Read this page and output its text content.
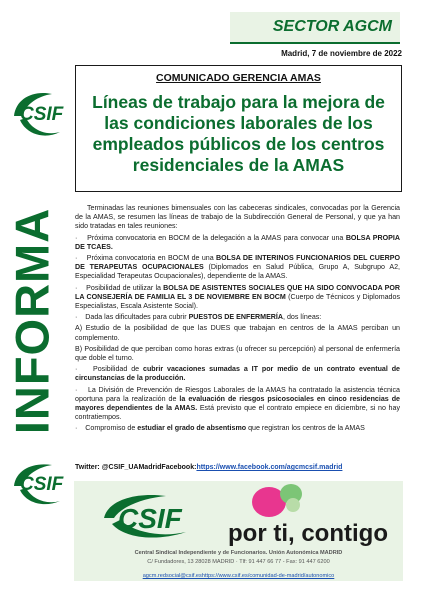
SECTOR AGCM
Madrid, 7 de noviembre de 2022
CSIF
INFORMA
CSIF
COMUNICADO GERENCIA AMAS
Líneas de trabajo para la mejora de las condiciones laborales de los empleados públicos de los centros residenciales de la AMAS

Terminadas las reuniones bimensuales con las cabeceras sindicales, convocadas por la Gerencia de la AMAS, se resumen las líneas de trabajo de la Subdirección General de Personal, y que ya han sido tratadas en tales reuniones:

·    Próxima convocatoria en BOCM de la delegación a la AMAS para convocar una BOLSA PROPIA DE TCAES.

·    Próxima convocatoria en BOCM de una BOLSA DE INTERINOS FUNCIONARIOS DEL CUERPO DE TERAPEUTAS OCUPACIONALES (Diplomados en Salud Pública, Grupo A, Subgrupo A2, Especialidad Terapeutas Ocupacionales), dependiente de la AMAS.

·    Posibilidad de utilizar la BOLSA DE ASISTENTES SOCIALES QUE HA SIDO CONVOCADA POR LA CONSEJERÍA DE FAMILIA EL 3 DE NOVIEMBRE EN BOCM (Cuerpo de Técnicos y Diplomados Especialistas, Escala Asistente Social).

·    Dada las dificultades para cubrir PUESTOS DE ENFERMERÍA, dos líneas:

A) Estudio de la posibilidad de que las DUES que trabajan en centros de la AMAS perciban un complemento.

B) Posibilidad de que perciban como horas extras (u ofrecer su percepción) al personal de enfermería que doble el turno.

·    Posibilidad de cubrir vacaciones sumadas a IT por medio de un contrato eventual de circunstancias de la producción.

·    La División de Prevención de Riesgos Laborales de la AMAS ha contratado la asistencia técnica oportuna para la realización de la evaluación de riesgos psicosociales en cinco residencias de mayores dependientes de la AMAS. Está previsto que el contrato empiece en diciembre, si no hay contratiempos.

·    Compromiso de estudiar el grado de absentismo que registran los centros de la AMAS

Twitter: @CSIF_UAMadridFacebook:https://www.facebook.com/agcmcsif.madrid
CSIF por ti, contigo
Central Sindical Independiente y de Funcionarios. Unión Autonómica MADRID
C/ Fundadores, 13 28028 MADRID · Tlf: 91 447 66 77 - Fax: 91 447 6200
agcm.redsocial@csif.eshttps://www.csif.es/comunidad-de-madrid/autonomico
